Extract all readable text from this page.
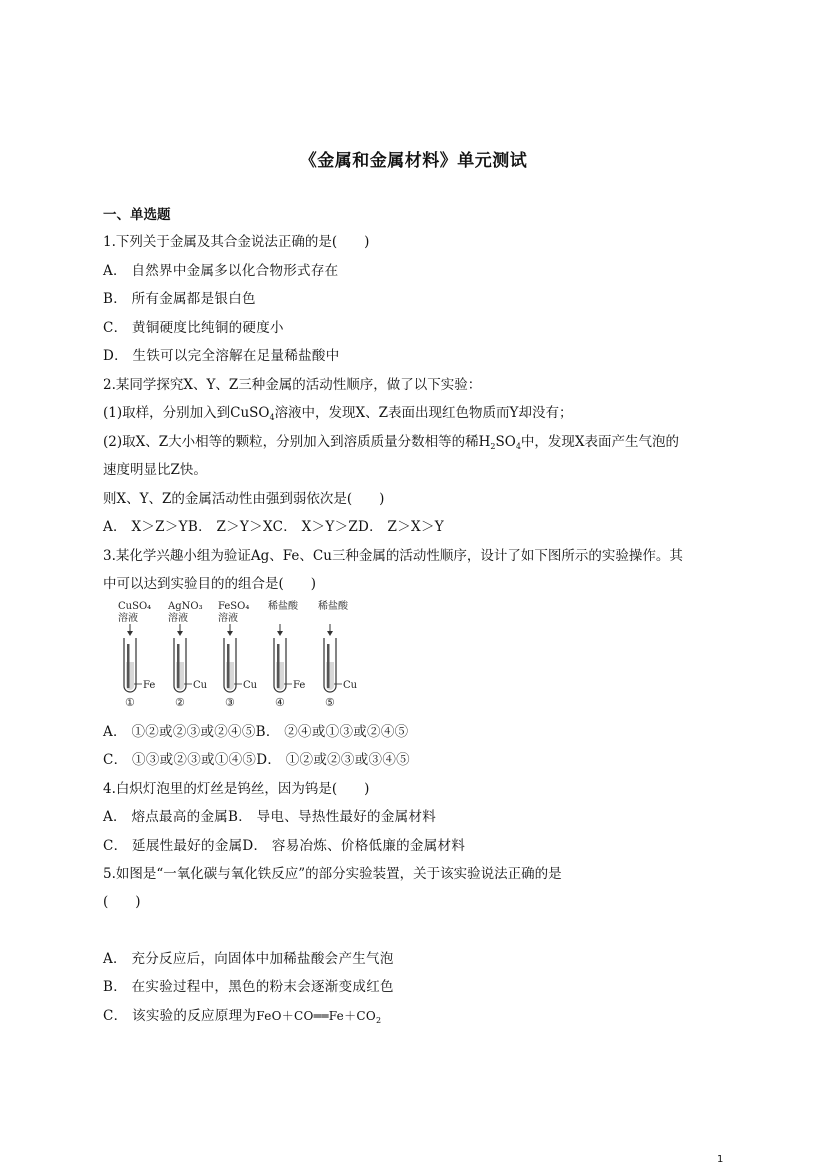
《金属和金属材料》单元测试
一、单选题
1.下列关于金属及其合金说法正确的是(　　)
A． 自然界中金属多以化合物形式存在
B． 所有金属都是银白色
C． 黄铜硬度比纯铜的硬度小
D． 生铁可以完全溶解在足量稀盐酸中
2.某同学探究X、Y、Z三种金属的活动性顺序，做了以下实验：
(1)取样，分别加入到CuSO$_4$溶液中，发现X、Z表面出现红色物质而Y却没有；
(2)取X、Z大小相等的颗粒，分别加入到溶质质量分数相等的稀$H_2SO_4$中，发现X表面产生气泡的
速度明显比Z快。
则X、Y、Z的金属活动性由强到弱依次是(　　)
A． X＞Z＞YB． Z＞Y＞XC． X＞Y＞ZD． Z＞X＞Y
3.某化学兴趣小组为验证Ag、Fe、Cu三种金属的活动性顺序，设计了如下图所示的实验操作。其
中可以达到实验目的的组合是(　　)
CuSO₄
溶液
Fe
①
AgNO₃
溶液
Cu
②
FeSO₄
溶液
Cu
③
稀盐酸
Fe
④
稀盐酸
Cu
⑤
A． ①②或②③或②④⑤B． ②④或①③或②④⑤
C． ①③或②③或①④⑤D． ①②或②③或③④⑤
4.白炽灯泡里的灯丝是钨丝，因为钨是(　　)
A． 熔点最高的金属B． 导电、导热性最好的金属材料
C． 延展性最好的金属D． 容易冶炼、价格低廉的金属材料
5.如图是“一氧化碳与氧化铁反应”的部分实验装置，关于该实验说法正确的是
(　　)
A． 充分反应后，向固体中加稀盐酸会产生气泡
B． 在实验过程中，黑色的粉末会逐渐变成红色
C． 该实验的反应原理为$FeO+CO══Fe+CO_2$
1
